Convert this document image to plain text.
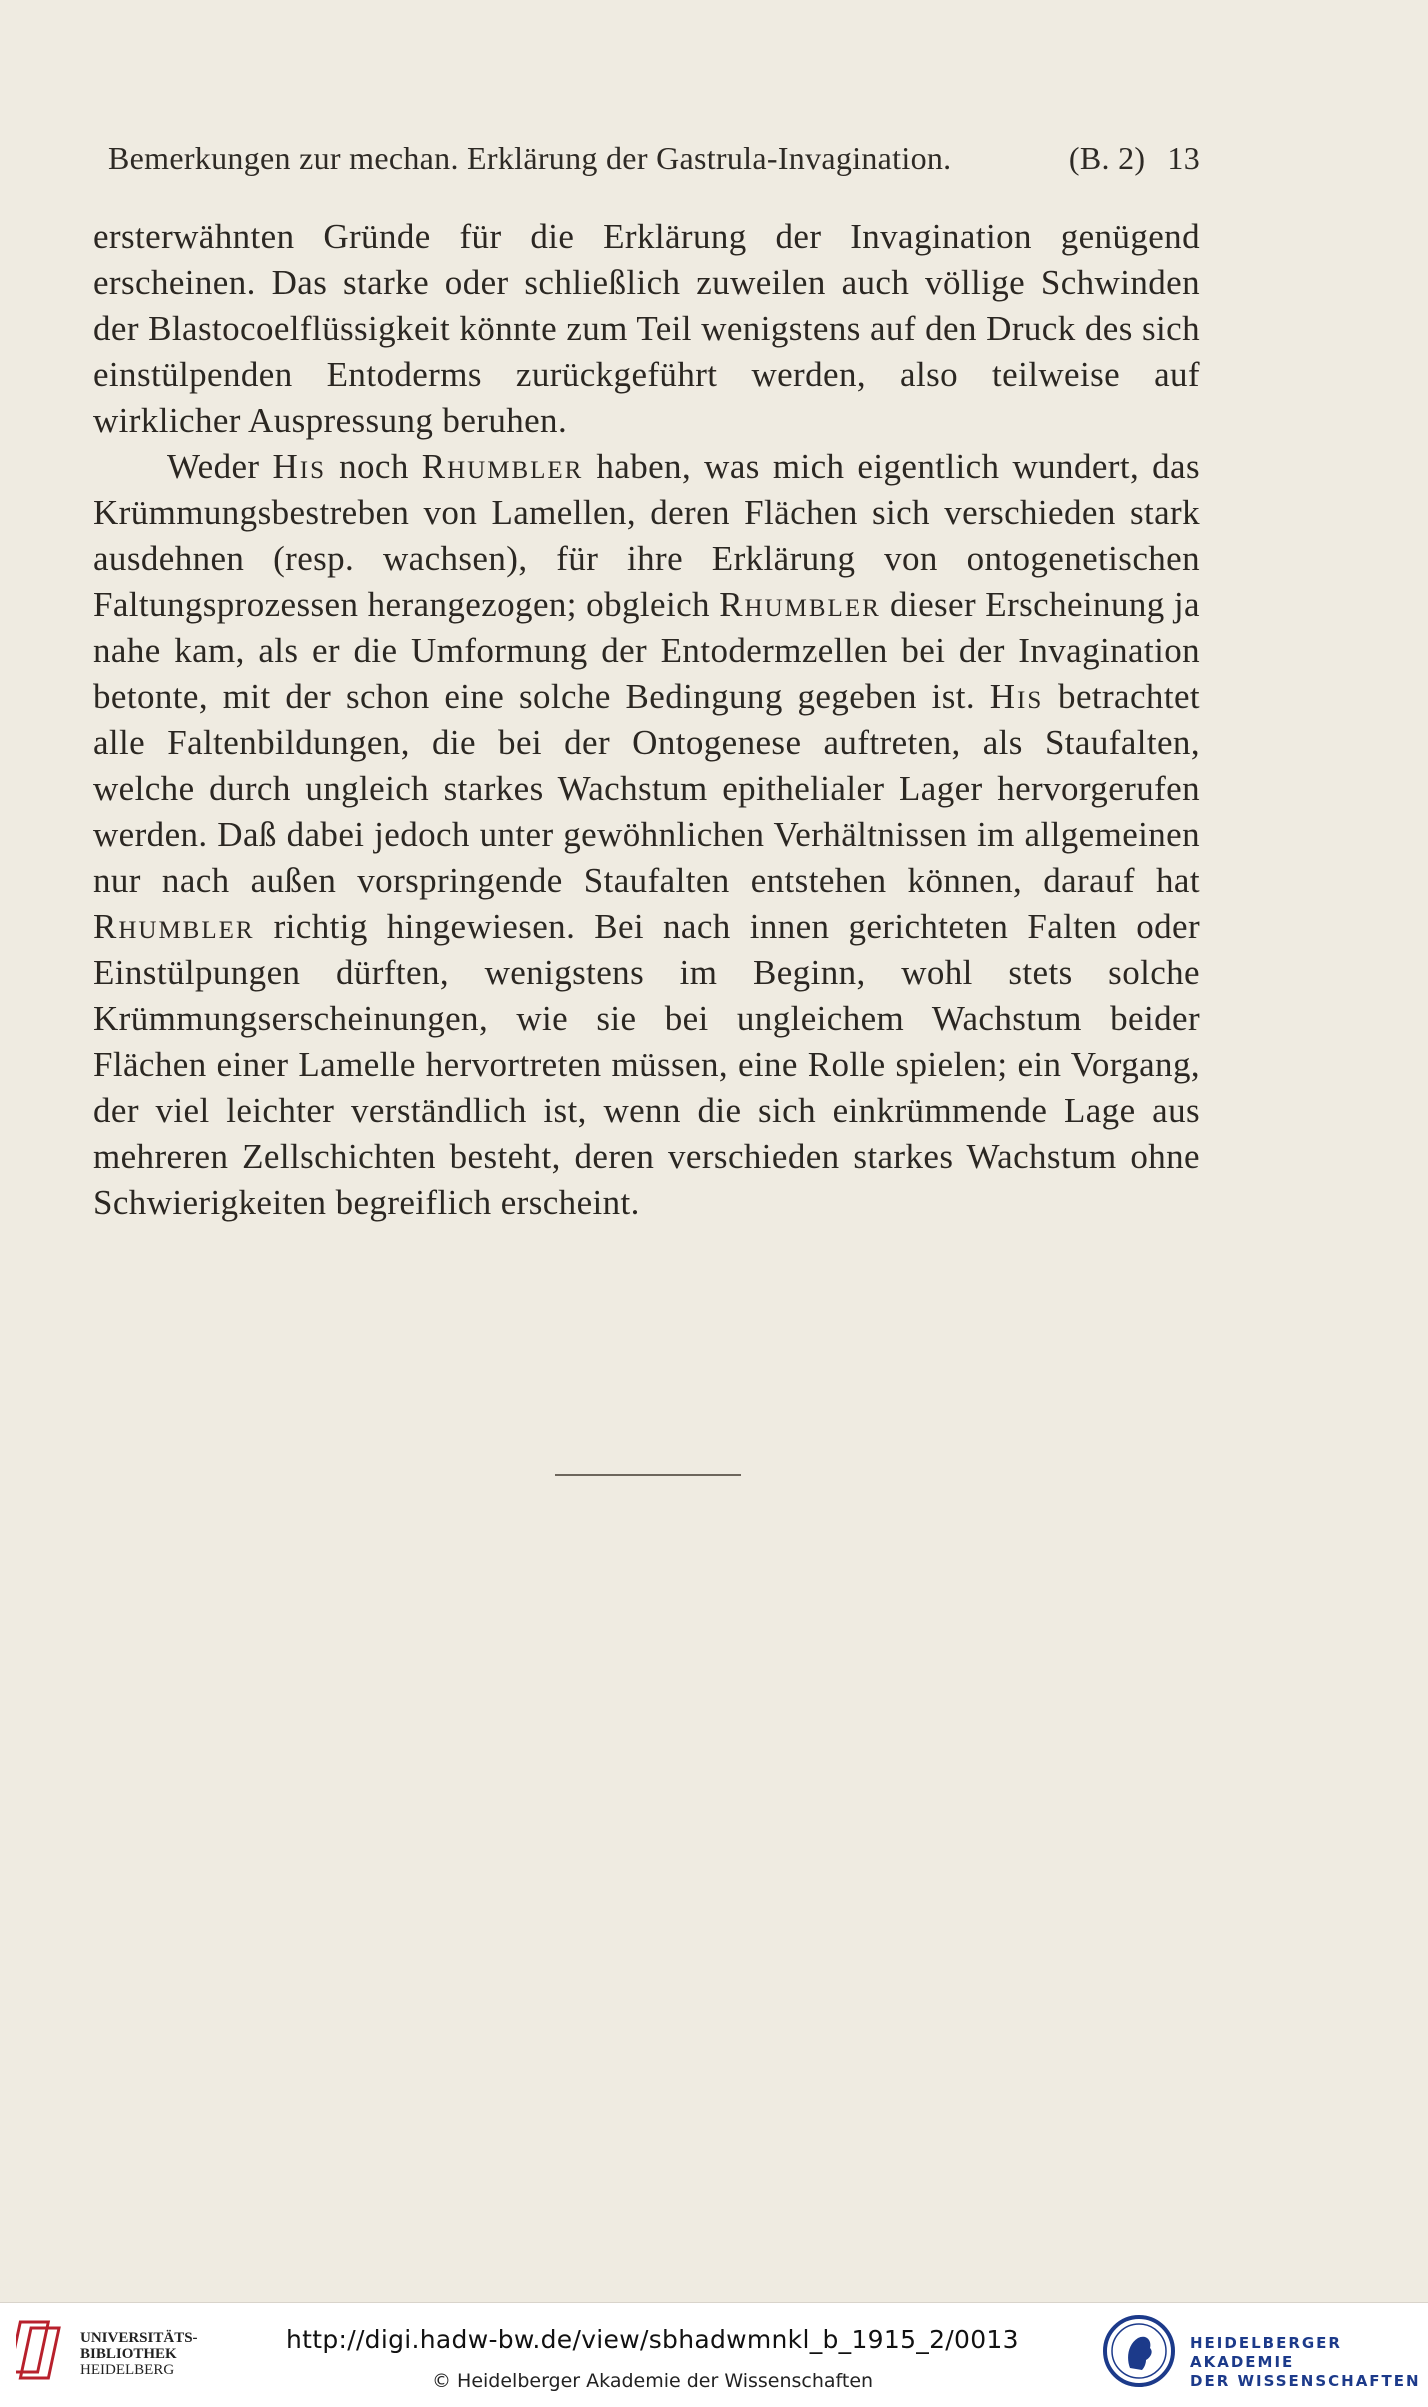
Bemerkungen zur mechan. Erklärung der Gastrula-Invagination.	(B. 2) 13

ersterwähnten Gründe für die Erklärung der Invagination genügend erscheinen. Das starke oder schließlich zuweilen auch völlige Schwinden der Blastocoelflüssigkeit könnte zum Teil wenigstens auf den Druck des sich einstülpenden Entoderms zurückgeführt werden, also teilweise auf wirklicher Auspressung beruhen.

Weder His noch Rhumbler haben, was mich eigentlich wundert, das Krümmungsbestreben von Lamellen, deren Flächen sich verschieden stark ausdehnen (resp. wachsen), für ihre Erklärung von ontogenetischen Faltungsprozessen herangezogen; obgleich Rhumbler dieser Erscheinung ja nahe kam, als er die Umformung der Entodermzellen bei der Invagination betonte, mit der schon eine solche Bedingung gegeben ist. His betrachtet alle Faltenbildungen, die bei der Ontogenese auftreten, als Staufalten, welche durch ungleich starkes Wachstum epithelialer Lager hervorgerufen werden. Daß dabei jedoch unter gewöhnlichen Verhältnissen im allgemeinen nur nach außen vorspringende Staufalten entstehen können, darauf hat Rhumbler richtig hingewiesen. Bei nach innen gerichteten Falten oder Einstülpungen dürften, wenigstens im Beginn, wohl stets solche Krümmungserscheinungen, wie sie bei ungleichem Wachstum beider Flächen einer Lamelle hervortreten müssen, eine Rolle spielen; ein Vorgang, der viel leichter verständlich ist, wenn die sich einkrümmende Lage aus mehreren Zellschichten besteht, deren verschieden starkes Wachstum ohne Schwierigkeiten begreiflich erscheint.

UNIVERSITÄTS-
BIBLIOTHEK
HEIDELBERG
http://digi.hadw-bw.de/view/sbhadwmnkl_b_1915_2/0013
© Heidelberger Akademie der Wissenschaften
HEIDELBERGER AKADEMIE
DER WISSENSCHAFTEN
